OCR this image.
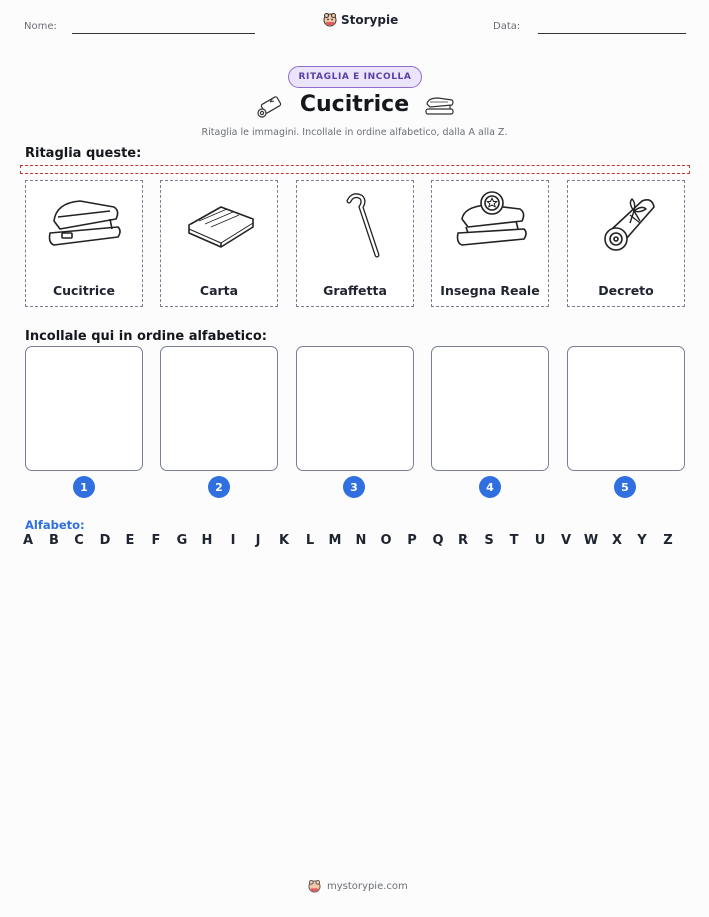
Nome:	Storypie	Data:
RITAGLIA E INCOLLA
Cucitrice
Ritaglia le immagini. Incollale in ordine alfabetico, dalla A alla Z.
Ritaglia queste:
Cucitrice	Carta	Graffetta	Insegna Reale	Decreto
Incollale qui in ordine alfabetico:
1	2	3	4	5
Alfabeto:
A	B	C	D	E	F	G	H	I	J	K	L	M	N	O	P	Q	R	S	T	U	V W	X	Y	Z
mystorypie.com
